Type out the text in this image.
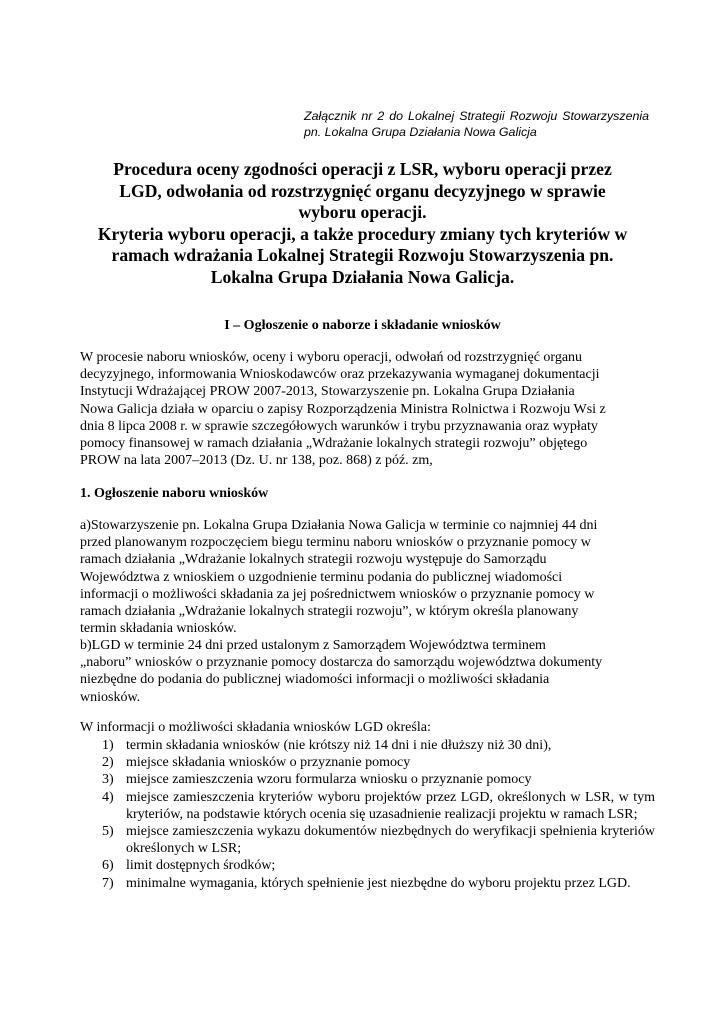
Załącznik nr 2 do Lokalnej Strategii Rozwoju Stowarzyszenia
pn. Lokalna Grupa Działania Nowa Galicja
Procedura oceny zgodności operacji z LSR, wyboru operacji przez
LGD, odwołania od rozstrzygnięć organu decyzyjnego w sprawie
wyboru operacji.
Kryteria wyboru operacji, a także procedury zmiany tych kryteriów w
ramach wdrażania Lokalnej Strategii Rozwoju Stowarzyszenia pn.
Lokalna Grupa Działania Nowa Galicja.
I – Ogłoszenie o naborze i składanie wniosków
W procesie naboru wniosków, oceny i wyboru operacji, odwołań od rozstrzygnięć organu
decyzyjnego, informowania Wnioskodawców oraz przekazywania wymaganej dokumentacji
Instytucji Wdrażającej PROW 2007-2013, Stowarzyszenie pn. Lokalna Grupa Działania
Nowa Galicja działa w oparciu o zapisy Rozporządzenia Ministra Rolnictwa i Rozwoju Wsi z
dnia 8 lipca 2008 r. w sprawie szczegółowych warunków i trybu przyznawania oraz wypłaty
pomocy finansowej w ramach działania „Wdrażanie lokalnych strategii rozwoju” objętego
PROW na lata 2007–2013 (Dz. U. nr 138, poz. 868) z póź. zm,
1. Ogłoszenie naboru wniosków
a)Stowarzyszenie pn. Lokalna Grupa Działania Nowa Galicja w terminie co najmniej 44 dni
przed planowanym rozpoczęciem biegu terminu naboru wniosków o przyznanie pomocy w
ramach działania „Wdrażanie lokalnych strategii rozwoju występuje do Samorządu
Województwa z wnioskiem o uzgodnienie terminu podania do publicznej wiadomości
informacji o możliwości składania za jej pośrednictwem wniosków o przyznanie pomocy w
ramach działania „Wdrażanie lokalnych strategii rozwoju”, w którym określa planowany
termin składania wniosków.
b)LGD w terminie 24 dni przed ustalonym z Samorządem Województwa terminem
„naboru” wniosków o przyznanie pomocy dostarcza do samorządu województwa dokumenty
niezbędne do podania do publicznej wiadomości informacji o możliwości składania
wniosków.
W informacji o możliwości składania wniosków LGD określa:
1) termin składania wniosków (nie krótszy niż 14 dni i nie dłuższy niż 30 dni),
2) miejsce składania wniosków o przyznanie pomocy
3) miejsce zamieszczenia wzoru formularza wniosku o przyznanie pomocy
4) miejsce zamieszczenia kryteriów wyboru projektów przez LGD, określonych w LSR, w tym kryteriów, na podstawie których ocenia się uzasadnienie realizacji projektu w ramach LSR;
5) miejsce zamieszczenia wykazu dokumentów niezbędnych do weryfikacji spełnienia kryteriów określonych w LSR;
6) limit dostępnych środków;
7) minimalne wymagania, których spełnienie jest niezbędne do wyboru projektu przez LGD.
